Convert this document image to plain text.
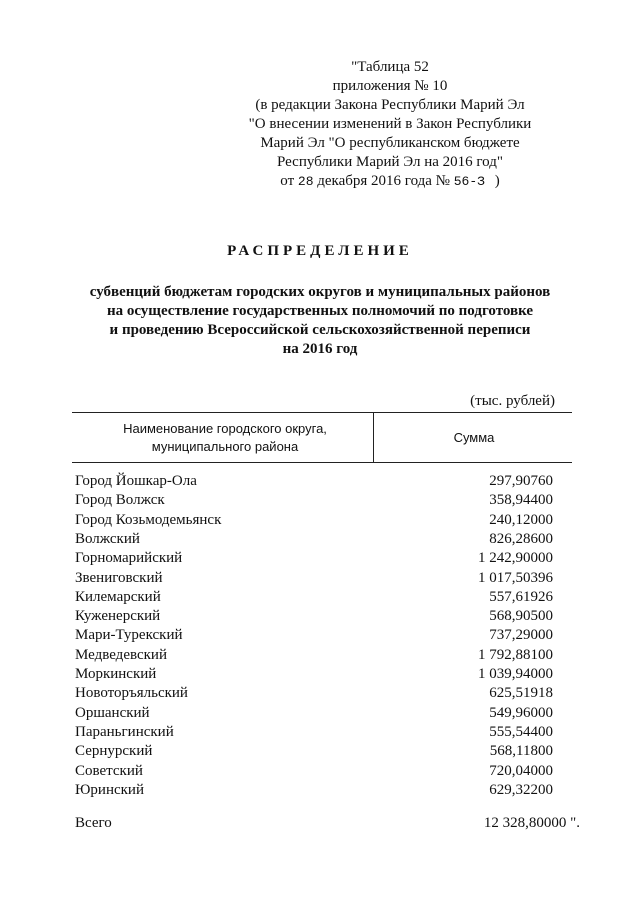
"Таблица 52
приложения № 10
(в редакции Закона Республики Марий Эл
"О внесении изменений в Закон Республики
Марий Эл "О республиканском бюджете
Республики Марий Эл на 2016 год"
от 28 декабря 2016 года № 56-З )
РАСПРЕДЕЛЕНИЕ
субвенций бюджетам городских округов и муниципальных районов
на осуществление государственных полномочий по подготовке
и проведению Всероссийской сельскохозяйственной переписи
на 2016 год
(тыс. рублей)
Наименование городского округа,
муниципального района
Сумма
Город Йошкар-Ола	297,90760
Город Волжск	358,94400
Город Козьмодемьянск	240,12000
Волжский	826,28600
Горномарийский	1 242,90000
Звениговский	1 017,50396
Килемарский	557,61926
Куженерский	568,90500
Мари-Турекский	737,29000
Медведевский	1 792,88100
Моркинский	1 039,94000
Новоторъяльский	625,51918
Оршанский	549,96000
Параньгинский	555,54400
Сернурский	568,11800
Советский	720,04000
Юринский	629,32200
Всего	12 328,80000 ".
